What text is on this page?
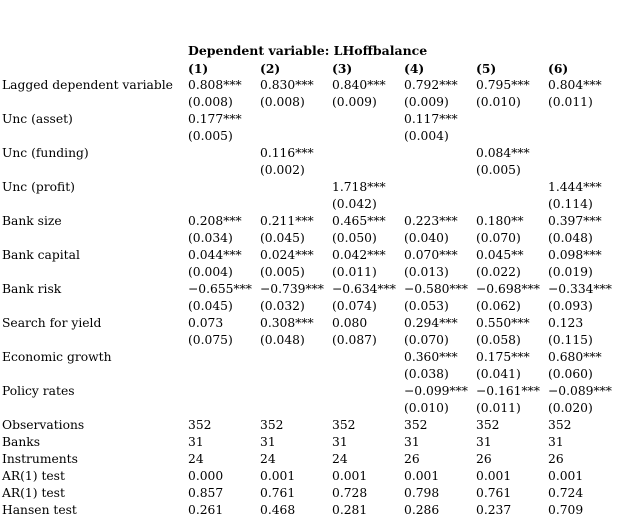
Dependent variable: LHoffbalance
	(1)	(2)	(3)	(4)	(5)	(6)
Lagged dependent variable	0.808***	0.830***	0.840***	0.792***	0.795***	0.804***
	(0.008)	(0.008)	(0.009)	(0.009)	(0.010)	(0.011)
Unc (asset)	0.177***			0.117***		
	(0.005)			(0.004)		
Unc (funding)		0.116***			0.084***	
		(0.002)			(0.005)	
Unc (profit)			1.718***			1.444***
			(0.042)			(0.114)
Bank size	0.208***	0.211***	0.465***	0.223***	0.180**	0.397***
	(0.034)	(0.045)	(0.050)	(0.040)	(0.070)	(0.048)
Bank capital	0.044***	0.024***	0.042***	0.070***	0.045**	0.098***
	(0.004)	(0.005)	(0.011)	(0.013)	(0.022)	(0.019)
Bank risk	−0.655***	−0.739***	−0.634***	−0.580***	−0.698***	−0.334***
	(0.045)	(0.032)	(0.074)	(0.053)	(0.062)	(0.093)
Search for yield	0.073	0.308***	0.080	0.294***	0.550***	0.123
	(0.075)	(0.048)	(0.087)	(0.070)	(0.058)	(0.115)
Economic growth				0.360***	0.175***	0.680***
				(0.038)	(0.041)	(0.060)
Policy rates				−0.099***	−0.161***	−0.089***
				(0.010)	(0.011)	(0.020)
Observations	352	352	352	352	352	352
Banks	31	31	31	31	31	31
Instruments	24	24	24	26	26	26
AR(1) test	0.000	0.001	0.001	0.001	0.001	0.001
AR(1) test	0.857	0.761	0.728	0.798	0.761	0.724
Hansen test	0.261	0.468	0.281	0.286	0.237	0.709
